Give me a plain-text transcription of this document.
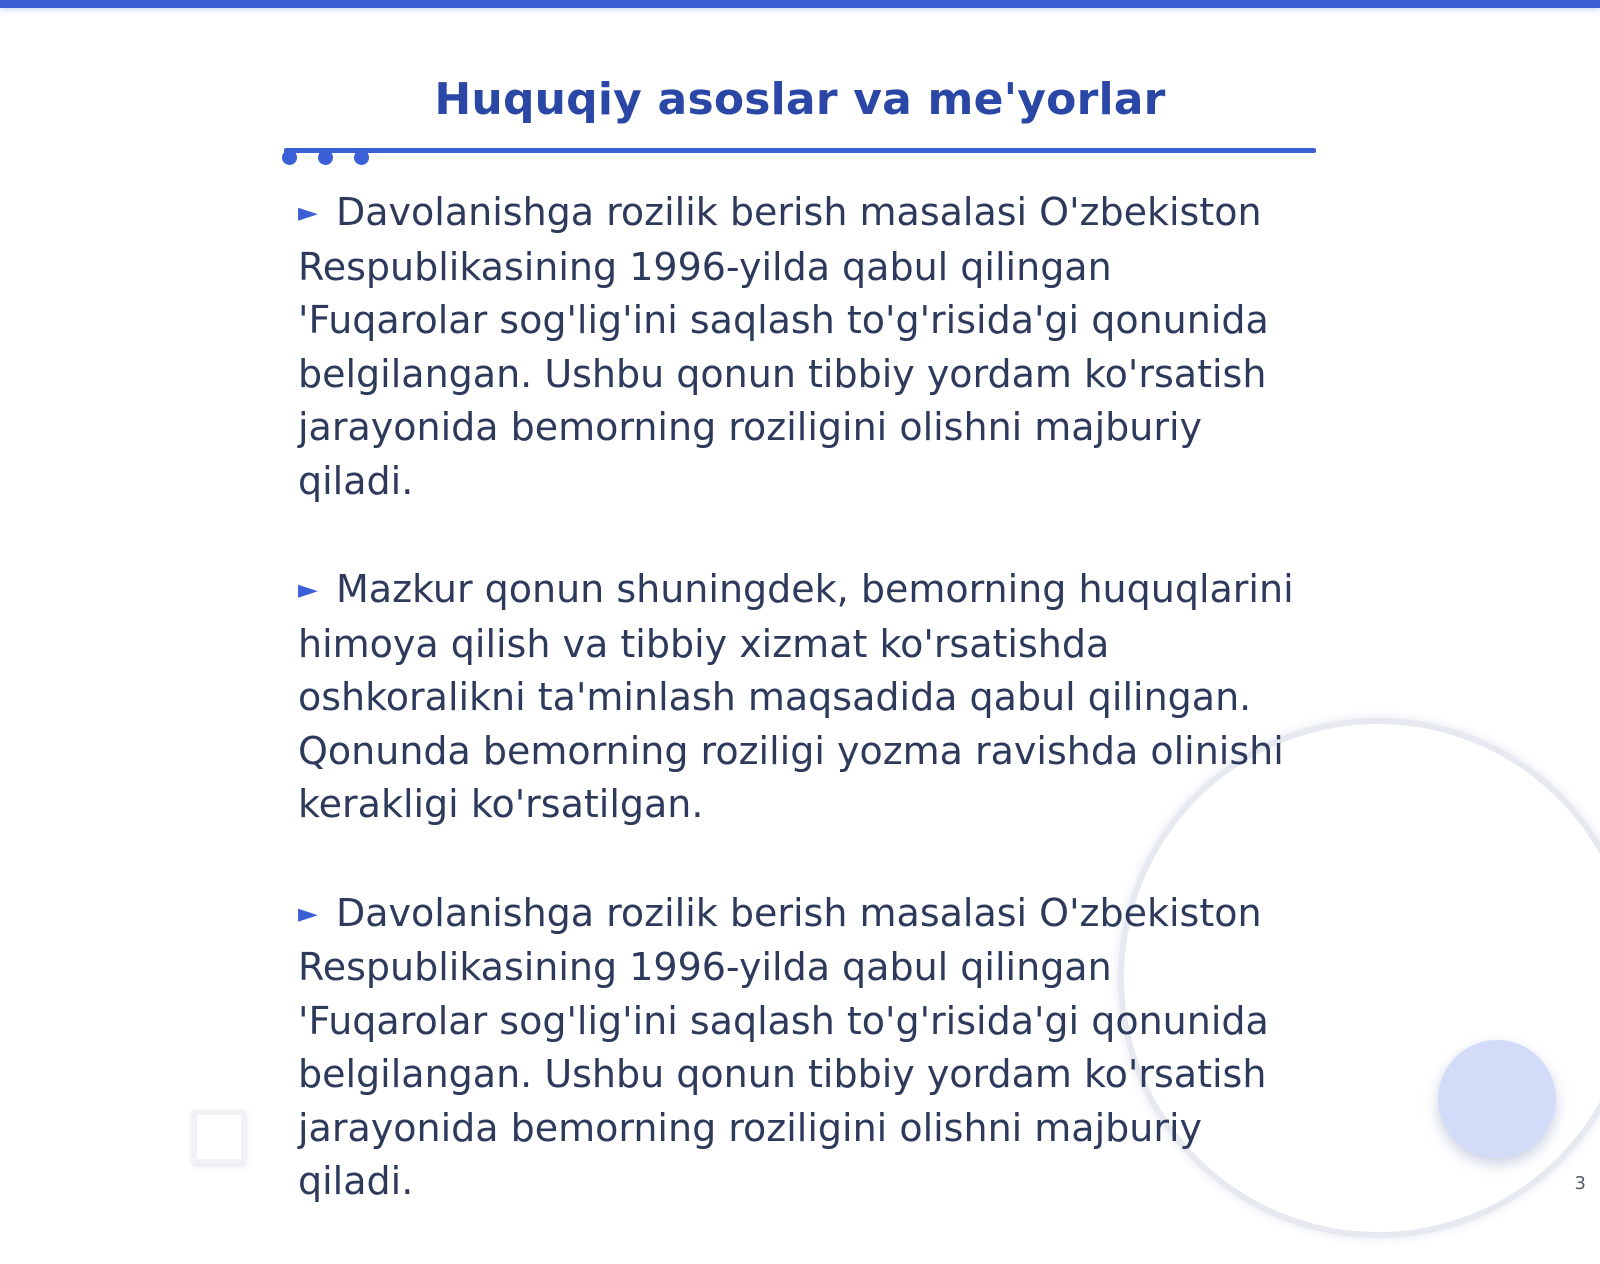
Huquqiy asoslar va me'yorlar
► Davolanishga rozilik berish masalasi O'zbekiston Respublikasining 1996-yilda qabul qilingan 'Fuqarolar sog'lig'ini saqlash to'g'risida'gi qonunida belgilangan. Ushbu qonun tibbiy yordam ko'rsatish jarayonida bemorning roziligini olishni majburiy qiladi.
► Mazkur qonun shuningdek, bemorning huquqlarini himoya qilish va tibbiy xizmat ko'rsatishda oshkoralikni ta'minlash maqsadida qabul qilingan. Qonunda bemorning roziligi yozma ravishda olinishi kerakligi ko'rsatilgan.
► Davolanishga rozilik berish masalasi O'zbekiston Respublikasining 1996-yilda qabul qilingan 'Fuqarolar sog'lig'ini saqlash to'g'risida'gi qonunida belgilangan. Ushbu qonun tibbiy yordam ko'rsatish jarayonida bemorning roziligini olishni majburiy qiladi.	3
